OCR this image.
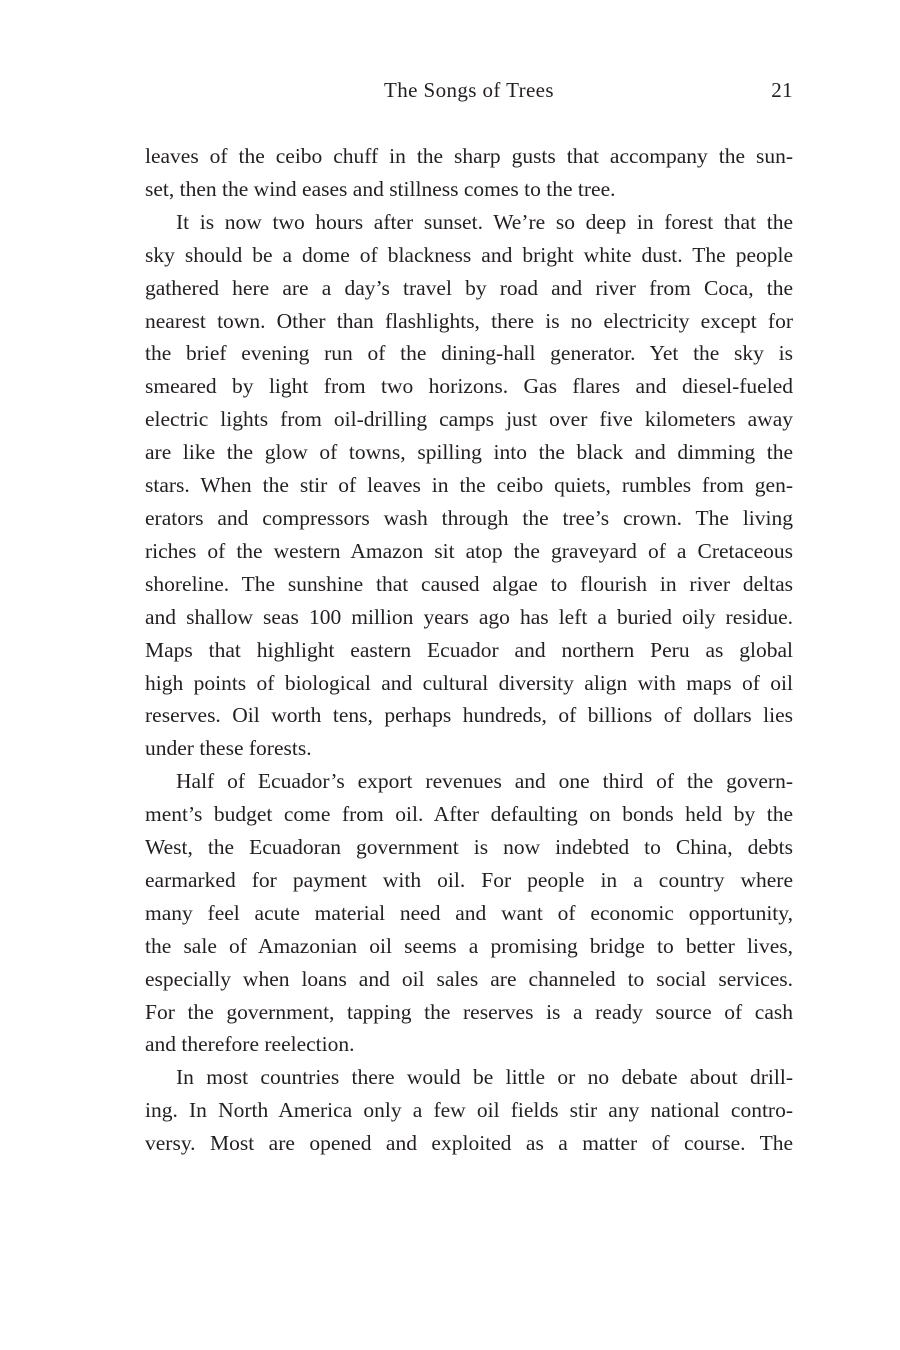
The Songs of Trees	21

leaves of the ceibo chuff in the sharp gusts that accompany the sun-

set, then the wind eases and stillness comes to the tree.

It is now two hours after sunset. We’re so deep in forest that the

sky should be a dome of blackness and bright white dust. The people

gathered here are a day’s travel by road and river from Coca, the

nearest town. Other than flashlights, there is no electricity except for

the brief evening run of the dining-hall generator. Yet the sky is

smeared by light from two horizons. Gas flares and diesel-fueled

electric lights from oil-drilling camps just over five kilometers away

are like the glow of towns, spilling into the black and dimming the

stars. When the stir of leaves in the ceibo quiets, rumbles from gen-

erators and compressors wash through the tree’s crown. The living

riches of the western Amazon sit atop the graveyard of a Cretaceous

shoreline. The sunshine that caused algae to flourish in river deltas

and shallow seas 100 million years ago has left a buried oily residue.

Maps that highlight eastern Ecuador and northern Peru as global

high points of biological and cultural diversity align with maps of oil

reserves. Oil worth tens, perhaps hundreds, of billions of dollars lies

under these forests.

Half of Ecuador’s export revenues and one third of the govern-

ment’s budget come from oil. After defaulting on bonds held by the

West, the Ecuadoran government is now indebted to China, debts

earmarked for payment with oil. For people in a country where

many feel acute material need and want of economic opportunity,

the sale of Amazonian oil seems a promising bridge to better lives,

especially when loans and oil sales are channeled to social services.

For the government, tapping the reserves is a ready source of cash

and therefore reelection.

In most countries there would be little or no debate about drill-

ing. In North America only a few oil fields stir any national contro-

versy. Most are opened and exploited as a matter of course. The
